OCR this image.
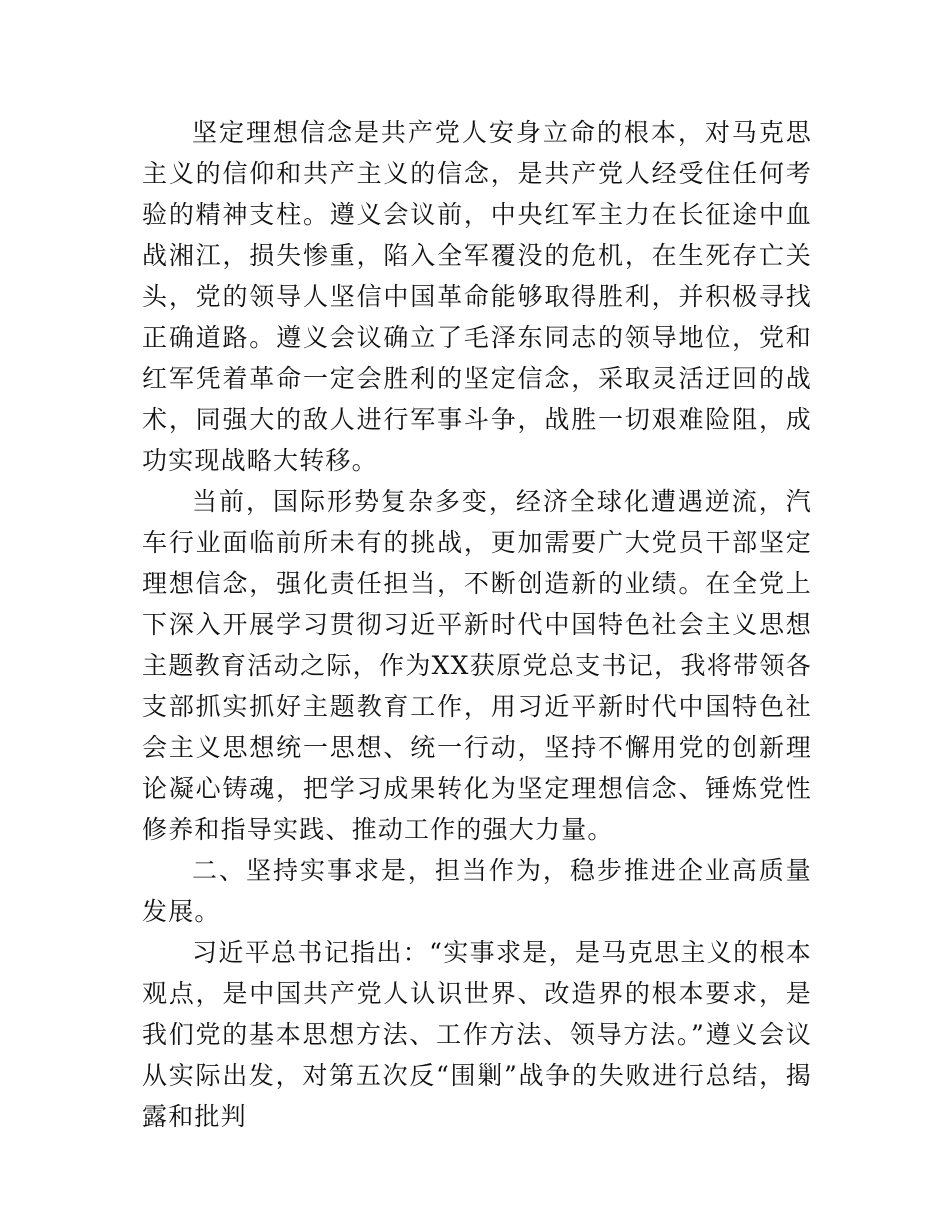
坚定理想信念是共产党人安身立命的根本，对马克思主义的信仰和共产主义的信念，是共产党人经受住任何考验的精神支柱。遵义会议前，中央红军主力在长征途中血战湘江，损失惨重，陷入全军覆没的危机，在生死存亡关头，党的领导人坚信中国革命能够取得胜利，并积极寻找正确道路。遵义会议确立了毛泽东同志的领导地位，党和红军凭着革命一定会胜利的坚定信念，采取灵活迂回的战术，同强大的敌人进行军事斗争，战胜一切艰难险阻，成功实现战略大转移。

当前，国际形势复杂多变，经济全球化遭遇逆流，汽车行业面临前所未有的挑战，更加需要广大党员干部坚定理想信念，强化责任担当，不断创造新的业绩。在全党上下深入开展学习贯彻习近平新时代中国特色社会主义思想主题教育活动之际，作为XX获原党总支书记，我将带领各支部抓实抓好主题教育工作，用习近平新时代中国特色社会主义思想统一思想、统一行动，坚持不懈用党的创新理论凝心铸魂，把学习成果转化为坚定理想信念、锤炼党性修养和指导实践、推动工作的强大力量。

二、坚持实事求是，担当作为，稳步推进企业高质量发展。

习近平总书记指出：“实事求是，是马克思主义的根本观点，是中国共产党人认识世界、改造界的根本要求，是我们党的基本思想方法、工作方法、领导方法。”遵义会议从实际出发，对第五次反“围剿”战争的失败进行总结，揭露和批判
